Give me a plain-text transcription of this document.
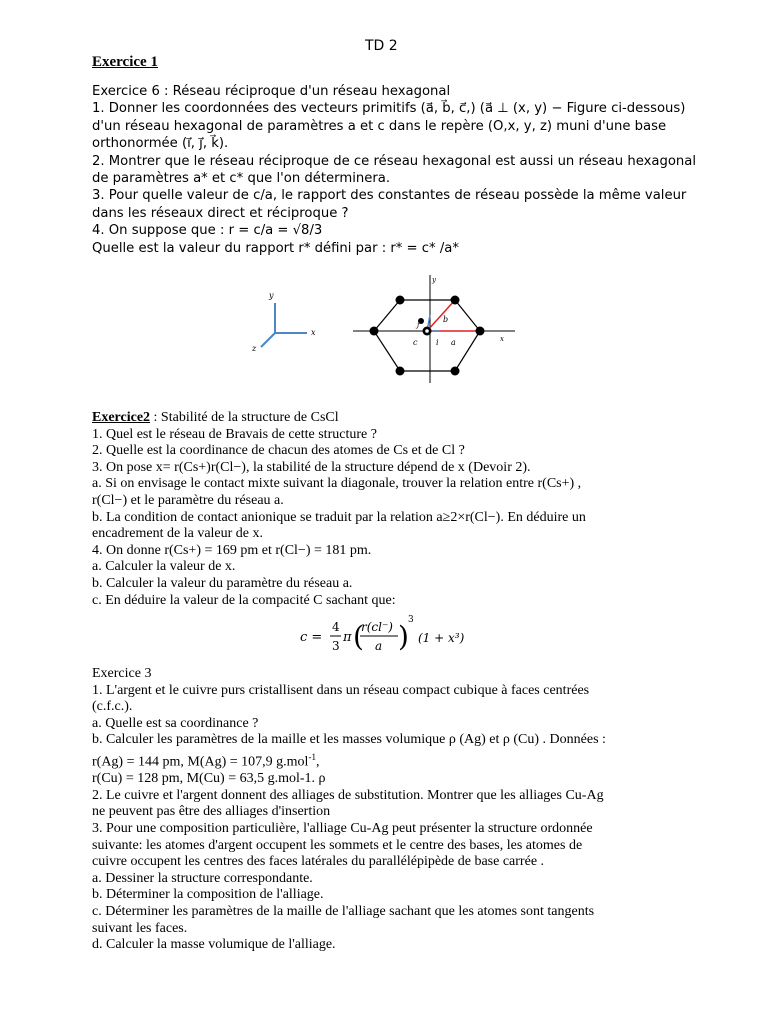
TD 2
Exercice 1
Exercice 6 : Réseau réciproque d'un réseau hexagonal
1. Donner les coordonnées des vecteurs primitifs (a⃗, b⃗, c⃗,) (a⃗ ⊥ (x, y) − Figure ci-dessous)
d'un réseau hexagonal de paramètres a et c dans le repère (O,x, y, z) muni d'une base
orthonormée (i⃗, j⃗, k⃗).
2. Montrer que le réseau réciproque de ce réseau hexagonal est aussi un réseau hexagonal
de paramètres a* et c* que l'on déterminera.
3. Pour quelle valeur de c/a, le rapport des constantes de réseau possède la même valeur
dans les réseaux direct et réciproque ?
4. On suppose que : r = c/a = √8/3
Quelle est la valeur du rapport r* défini par : r* = c* /a*
y
x
z
y
x
b
j
c i a
Exercice2 : Stabilité de la structure de CsCl
1. Quel est le réseau de Bravais de cette structure ?
2. Quelle est la coordinance de chacun des atomes de Cs et de Cl ?
3. On pose x= r(Cs+)r(Cl−), la stabilité de la structure dépend de x (Devoir 2).
a. Si on envisage le contact mixte suivant la diagonale, trouver la relation entre r(Cs+) ,
r(Cl−) et le paramètre du réseau a.
b. La condition de contact anionique se traduit par la relation a≥2×r(Cl−). En déduire un
encadrement de la valeur de x.
4. On donne r(Cs+) = 169 pm et r(Cl−) = 181 pm.
a. Calculer la valeur de x.
b. Calculer la valeur du paramètre du réseau a.
c. En déduire la valeur de la compacité C sachant que:
c =
4
3
π (
r(cl⁻)
a ) 3
(1 + x³)
Exercice 3
1. L'argent et le cuivre purs cristallisent dans un réseau compact cubique à faces centrées
(c.f.c.).
a. Quelle est sa coordinance ?
b. Calculer les paramètres de la maille et les masses volumique ρ (Ag) et ρ (Cu) . Données :
r(Ag) = 144 pm, M(Ag) = 107,9 g.mol$^{-1}$,
r(Cu) = 128 pm, M(Cu) = 63,5 g.mol-1. ρ
2. Le cuivre et l'argent donnent des alliages de substitution. Montrer que les alliages Cu-Ag
ne peuvent pas être des alliages d'insertion
3. Pour une composition particulière, l'alliage Cu-Ag peut présenter la structure ordonnée
suivante: les atomes d'argent occupent les sommets et le centre des bases, les atomes de
cuivre occupent les centres des faces latérales du parallélépipède de base carrée .
a. Dessiner la structure correspondante.
b. Déterminer la composition de l'alliage.
c. Déterminer les paramètres de la maille de l'alliage sachant que les atomes sont tangents
suivant les faces.
d. Calculer la masse volumique de l'alliage.
